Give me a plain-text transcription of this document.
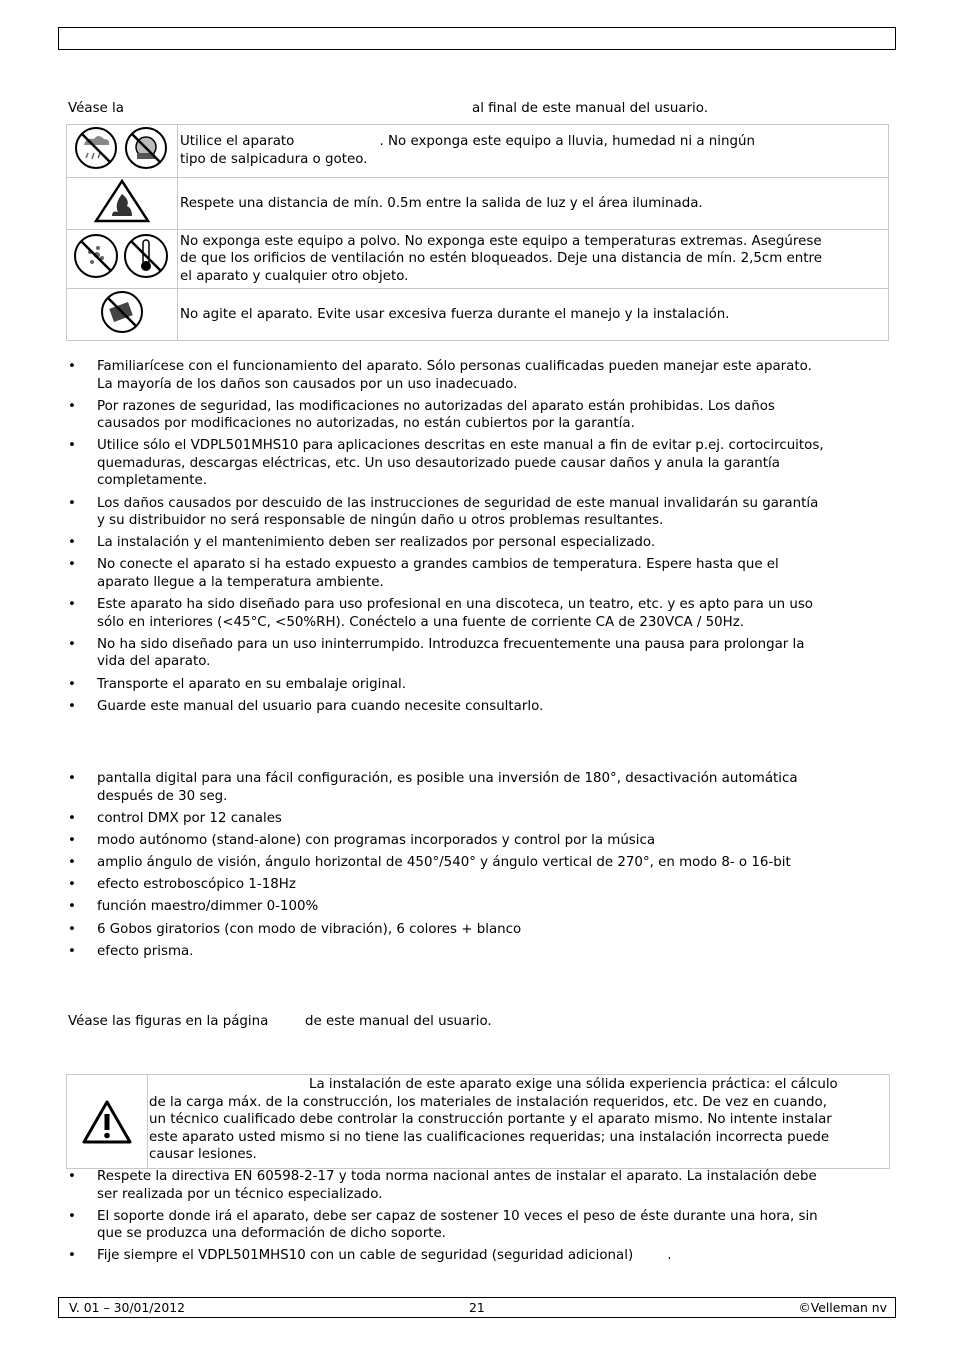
Véase la	al final de este manual del usuario.

Utilice el aparato                    . No exponga este equipo a lluvia, humedad ni a ningún
tipo de salpicadura o goteo.

Respete una distancia de mín. 0.5m entre la salida de luz y el área iluminada.

No exponga este equipo a polvo. No exponga este equipo a temperaturas extremas. Asegúrese
de que los orificios de ventilación no estén bloqueados. Deje una distancia de mín. 2,5cm entre
el aparato y cualquier otro objeto.

No agite el aparato. Evite usar excesiva fuerza durante el manejo y la instalación.
• Familiarícese con el funcionamiento del aparato. Sólo personas cualificadas pueden manejar este aparato.
La mayoría de los daños son causados por un uso inadecuado.
• Por razones de seguridad, las modificaciones no autorizadas del aparato están prohibidas. Los daños
causados por modificaciones no autorizadas, no están cubiertos por la garantía.
• Utilice sólo el VDPL501MHS10 para aplicaciones descritas en este manual a fin de evitar p.ej. cortocircuitos,
quemaduras, descargas eléctricas, etc. Un uso desautorizado puede causar daños y anula la garantía
completamente.
• Los daños causados por descuido de las instrucciones de seguridad de este manual invalidarán su garantía
y su distribuidor no será responsable de ningún daño u otros problemas resultantes.
• La instalación y el mantenimiento deben ser realizados por personal especializado.
• No conecte el aparato si ha estado expuesto a grandes cambios de temperatura. Espere hasta que el
aparato llegue a la temperatura ambiente.
• Este aparato ha sido diseñado para uso profesional en una discoteca, un teatro, etc. y es apto para un uso
sólo en interiores (<45°C, <50%RH). Conéctelo a una fuente de corriente CA de 230VCA / 50Hz.
• No ha sido diseñado para un uso ininterrumpido. Introduzca frecuentemente una pausa para prolongar la
vida del aparato.
• Transporte el aparato en su embalaje original.
• Guarde este manual del usuario para cuando necesite consultarlo.
• pantalla digital para una fácil configuración, es posible una inversión de 180°, desactivación automática
después de 30 seg.
• control DMX por 12 canales
• modo autónomo (stand-alone) con programas incorporados y control por la música
• amplio ángulo de visión, ángulo horizontal de 450°/540° y ángulo vertical de 270°, en modo 8- o 16-bit
• efecto estroboscópico 1-18Hz
• función maestro/dimmer 0-100%
• 6 Gobos giratorios (con modo de vibración), 6 colores + blanco
• efecto prisma.
Véase las figuras en la página	de este manual del usuario.
La instalación de este aparato exige una sólida experiencia práctica: el cálculo
de la carga máx. de la construcción, los materiales de instalación requeridos, etc. De vez en cuando,
un técnico cualificado debe controlar la construcción portante y el aparato mismo. No intente instalar
este aparato usted mismo si no tiene las cualificaciones requeridas; una instalación incorrecta puede
causar lesiones.
• Respete la directiva EN 60598-2-17 y toda norma nacional antes de instalar el aparato. La instalación debe
ser realizada por un técnico especializado.
• El soporte donde irá el aparato, debe ser capaz de sostener 10 veces el peso de éste durante una hora, sin
que se produzca una deformación de dicho soporte.
• Fije siempre el VDPL501MHS10 con un cable de seguridad (seguridad adicional)        .
V. 01 – 30/01/2012	21	©Velleman nv
